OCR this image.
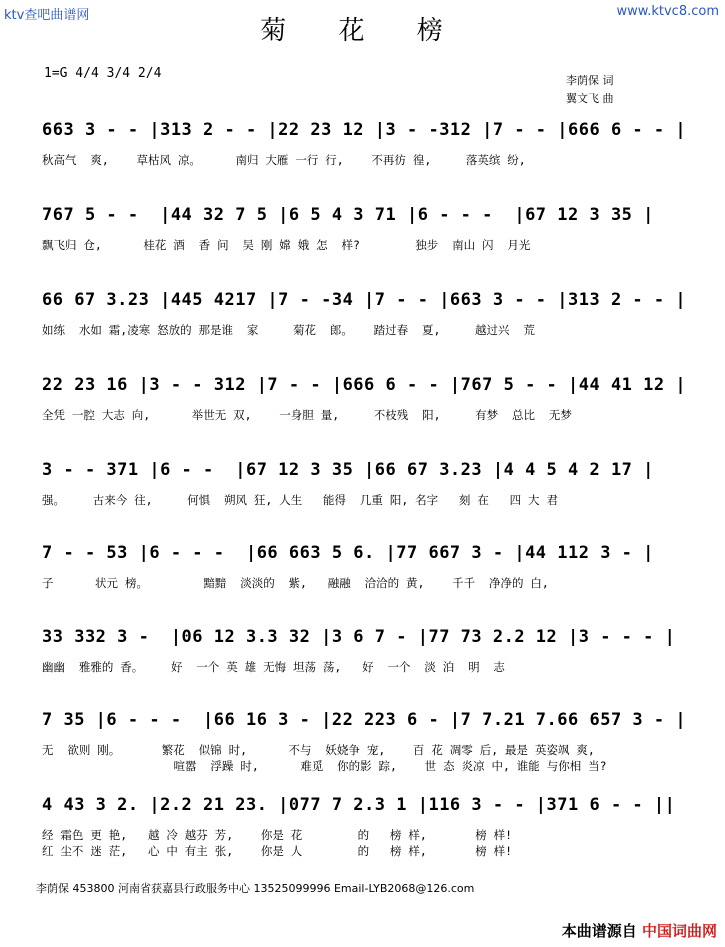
ktv查吧曲谱网	www.ktvc8.com
菊 花 榜
1=G 4/4 3/4 2/4	李荫保 词
翼文飞 曲
663 3 - - |313 2 - - |22 23 12 |3 - -312 |7 - - |666 6 - - |
秋高气  爽,    草枯风 凉。     南归 大雁 一行 行,    不再彷 徨,     落英缤 纷,
767 5 - -  |44 32 7 5 |6 5 4 3 71 |6 - - -  |67 12 3 35 |
飘飞归 仓,      桂花 酒  香 问  吴 刚 嫦 娥 怎  样?        独步  南山 闪  月光
66 67 3.23 |445 4217 |7 - -34 |7 - - |663 3 - - |313 2 - - |
如练  水如 霜,凌寒 怒放的 那是谁  家     菊花  郎。   踏过春  夏,     越过兴  荒
22 23 16 |3 - - 312 |7 - - |666 6 - - |767 5 - - |44 41 12 |
全凭 一腔 大志 向,      举世无 双,    一身胆 量,     不枝残  阳,     有梦  总比  无梦
3 - - 371 |6 - -  |67 12 3 35 |66 67 3.23 |4 4 5 4 2 17 |
强。    古来今 往,     何惧  朔风 狂, 人生   能得  几重 阳, 名字   刻 在   四 大 君
7 - - 53 |6 - - -  |66 663 5 6. |77 667 3 - |44 112 3 - |
子      状元 榜。        黯黯  淡淡的  紫,   融融  洽洽的 黄,    千千  净净的 白,
33 332 3 -  |06 12 3.3 32 |3 6 7 - |77 73 2.2 12 |3 - - - |
幽幽  雅雅的 香。    好  一个 英 雄 无悔 坦荡 荡,   好  一个  淡 泊  明  志
7 35 |6 - - -  |66 16 3 - |22 223 6 - |7 7.21 7.66 657 3 - |
无  欲则 刚。      繁花  似锦 时,      不与  妖娆争 宠,    百 花 凋零 后, 最是 英姿飒 爽,
喧嚣  浮躁 时,      难觅  你的影 踪,    世 态 炎凉 中, 谁能 与你相 当?
4 43 3 2. |2.2 21 23. |077 7 2.3 1 |116 3 - - |371 6 - - ||
经 霜色 更 艳,   越 冷 越芬 芳,    你是 花        的   榜 样,       榜 样!
红 尘不 迷 茫,   心 中 有主 张,    你是 人        的   榜 样,       榜 样!
李荫保 453800 河南省获嘉县行政服务中心 13525099996 Email-LYB2068@126.com
本曲谱源自 中国词曲网
